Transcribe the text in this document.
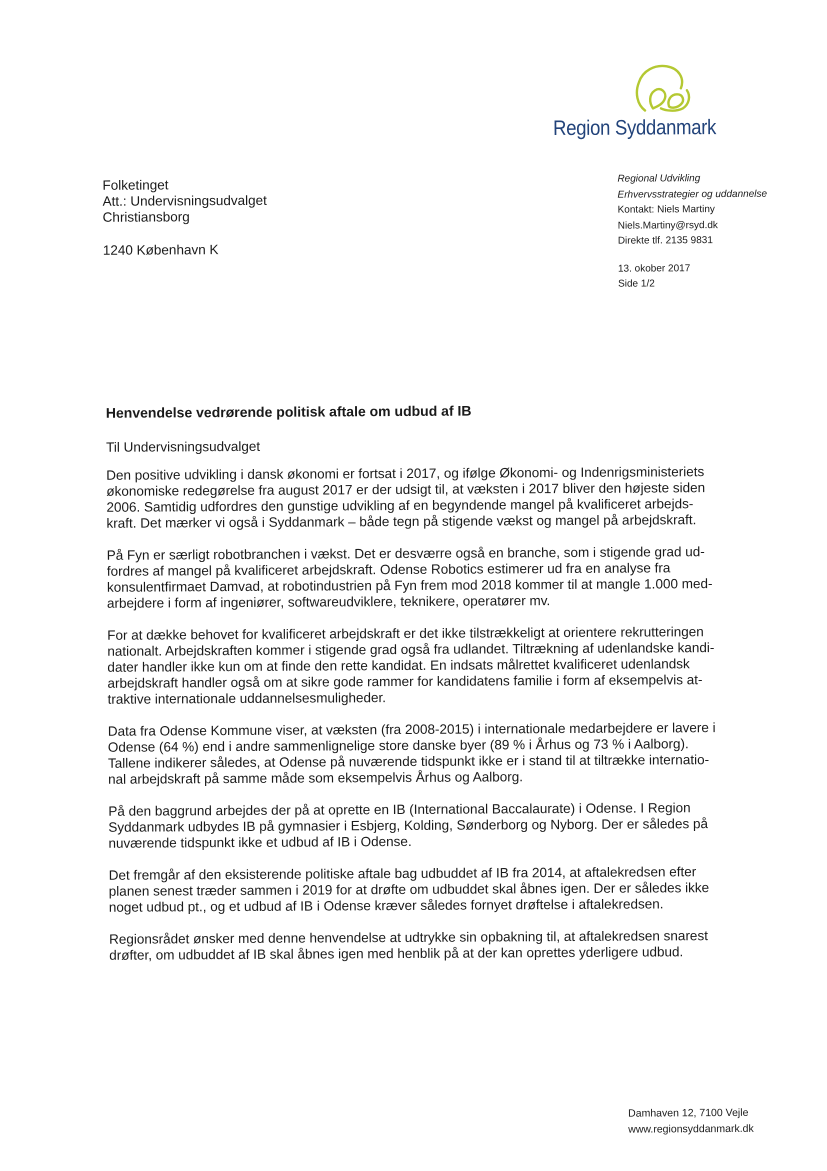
Region Syddanmark
Folketinget
Att.: Undervisningsudvalget
Christiansborg
1240 København K
Regional Udvikling
Erhvervsstrategier og uddannelse
Kontakt: Niels Martiny
Niels.Martiny@rsyd.dk
Direkte tlf. 2135 9831
13. okober 2017
Side 1/2
Henvendelse vedrørende politisk aftale om udbud af IB
Til Undervisningsudvalget

Den positive udvikling i dansk økonomi er fortsat i 2017, og ifølge Økonomi- og Indenrigsministeriets
økonomiske redegørelse fra august 2017 er der udsigt til, at væksten i 2017 bliver den højeste siden
2006. Samtidig udfordres den gunstige udvikling af en begyndende mangel på kvalificeret arbejds-
kraft. Det mærker vi også i Syddanmark – både tegn på stigende vækst og mangel på arbejdskraft.

På Fyn er særligt robotbranchen i vækst. Det er desværre også en branche, som i stigende grad ud-
fordres af mangel på kvalificeret arbejdskraft. Odense Robotics estimerer ud fra en analyse fra
konsulentfirmaet Damvad, at robotindustrien på Fyn frem mod 2018 kommer til at mangle 1.000 med-
arbejdere i form af ingeniører, softwareudviklere, teknikere, operatører mv.

For at dække behovet for kvalificeret arbejdskraft er det ikke tilstrækkeligt at orientere rekrutteringen
nationalt. Arbejdskraften kommer i stigende grad også fra udlandet. Tiltrækning af udenlandske kandi-
dater handler ikke kun om at finde den rette kandidat. En indsats målrettet kvalificeret udenlandsk
arbejdskraft handler også om at sikre gode rammer for kandidatens familie i form af eksempelvis at-
traktive internationale uddannelsesmuligheder.

Data fra Odense Kommune viser, at væksten (fra 2008-2015) i internationale medarbejdere er lavere i
Odense (64 %) end i andre sammenlignelige store danske byer (89 % i Århus og 73 % i Aalborg).
Tallene indikerer således, at Odense på nuværende tidspunkt ikke er i stand til at tiltrække internatio-
nal arbejdskraft på samme måde som eksempelvis Århus og Aalborg.

På den baggrund arbejdes der på at oprette en IB (International Baccalaurate) i Odense. I Region
Syddanmark udbydes IB på gymnasier i Esbjerg, Kolding, Sønderborg og Nyborg. Der er således på
nuværende tidspunkt ikke et udbud af IB i Odense.

Det fremgår af den eksisterende politiske aftale bag udbuddet af IB fra 2014, at aftalekredsen efter
planen senest træder sammen i 2019 for at drøfte om udbuddet skal åbnes igen. Der er således ikke
noget udbud pt., og et udbud af IB i Odense kræver således fornyet drøftelse i aftalekredsen.

Regionsrådet ønsker med denne henvendelse at udtrykke sin opbakning til, at aftalekredsen snarest
drøfter, om udbuddet af IB skal åbnes igen med henblik på at der kan oprettes yderligere udbud.

Damhaven 12, 7100 Vejle
www.regionsyddanmark.dk
